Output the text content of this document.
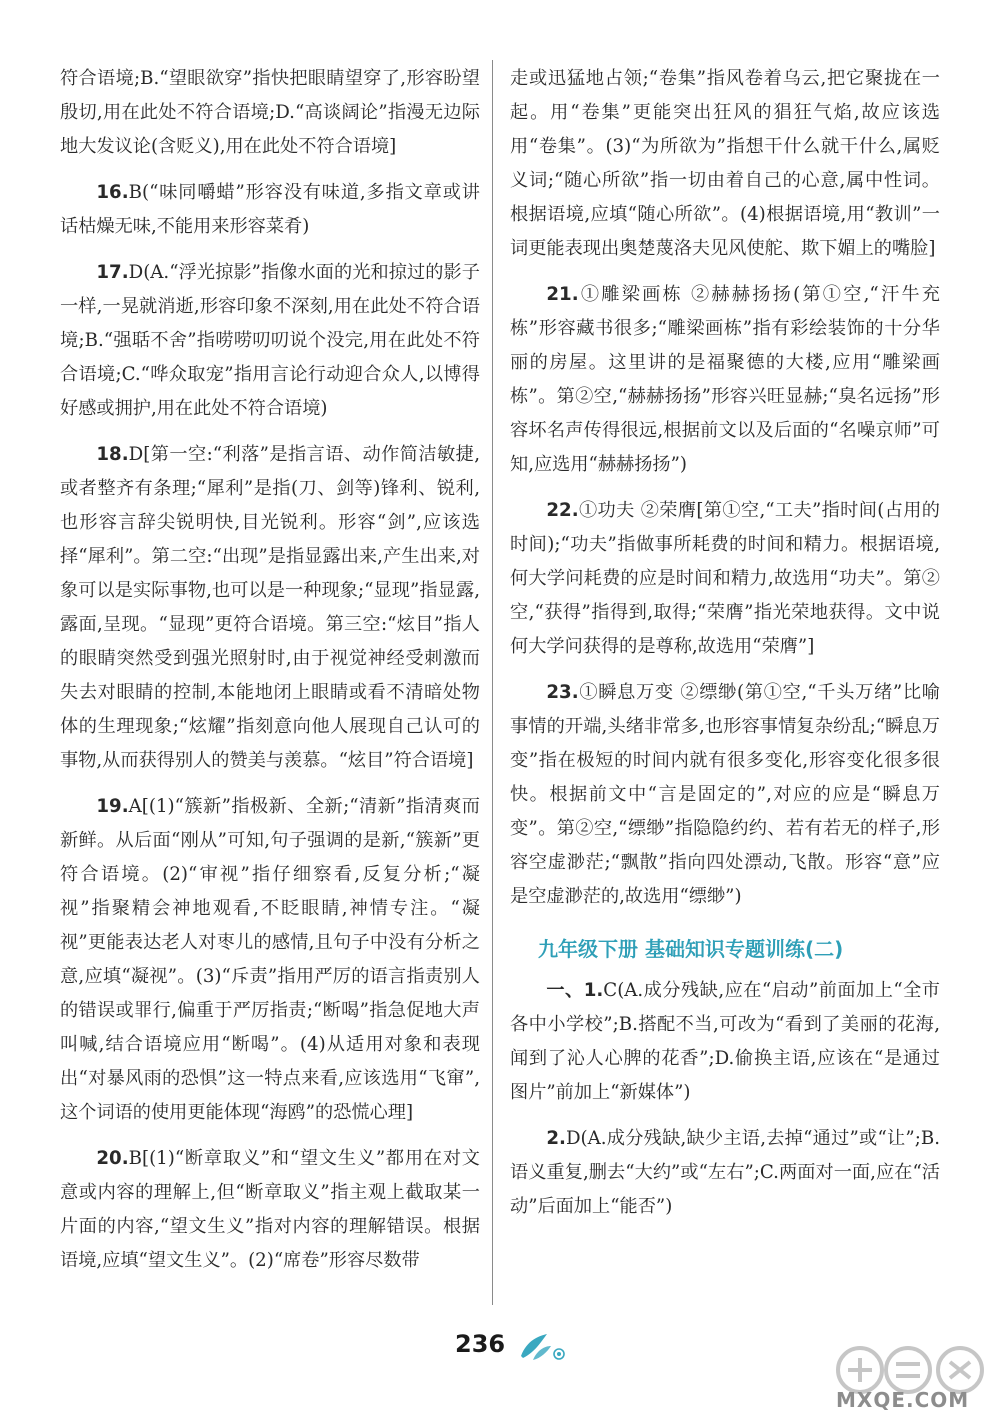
符合语境;B.“望眼欲穿”指快把眼睛望穿了,形容盼望殷切,用在此处不符合语境;D.“高谈阔论”指漫无边际地大发议论(含贬义),用在此处不符合语境]

16.B(“味同嚼蜡”形容没有味道,多指文章或讲话枯燥无味,不能用来形容菜肴)

17.D(A.“浮光掠影”指像水面的光和掠过的影子一样,一晃就消逝,形容印象不深刻,用在此处不符合语境;B.“强聒不舍”指唠唠叨叨说个没完,用在此处不符合语境;C.“哗众取宠”指用言论行动迎合众人,以博得好感或拥护,用在此处不符合语境)

18.D[第一空:“利落”是指言语、动作简洁敏捷,或者整齐有条理;“犀利”是指(刀、剑等)锋利、锐利,也形容言辞尖锐明快,目光锐利。形容“剑”,应该选择“犀利”。第二空:“出现”是指显露出来,产生出来,对象可以是实际事物,也可以是一种现象;“显现”指显露,露面,呈现。“显现”更符合语境。第三空:“炫目”指人的眼睛突然受到强光照射时,由于视觉神经受刺激而失去对眼睛的控制,本能地闭上眼睛或看不清暗处物体的生理现象;“炫耀”指刻意向他人展现自己认可的事物,从而获得别人的赞美与羡慕。“炫目”符合语境]

19.A[(1)“簇新”指极新、全新;“清新”指清爽而新鲜。从后面“刚从”可知,句子强调的是新,“簇新”更符合语境。(2)“审视”指仔细察看,反复分析;“凝视”指聚精会神地观看,不眨眼睛,神情专注。“凝视”更能表达老人对枣儿的感情,且句子中没有分析之意,应填“凝视”。(3)“斥责”指用严厉的语言指责别人的错误或罪行,偏重于严厉指责;“断喝”指急促地大声叫喊,结合语境应用“断喝”。(4)从适用对象和表现出“对暴风雨的恐惧”这一特点来看,应该选用“飞窜”,这个词语的使用更能体现“海鸥”的恐慌心理]

20.B[(1)“断章取义”和“望文生义”都用在对文意或内容的理解上,但“断章取义”指主观上截取某一片面的内容,“望文生义”指对内容的理解错误。根据语境,应填“望文生义”。(2)“席卷”形容尽数带

走或迅猛地占领;“卷集”指风卷着乌云,把它聚拢在一起。用“卷集”更能突出狂风的猖狂气焰,故应该选用“卷集”。(3)“为所欲为”指想干什么就干什么,属贬义词;“随心所欲”指一切由着自己的心意,属中性词。根据语境,应填“随心所欲”。(4)根据语境,用“教训”一词更能表现出奥楚蔑洛夫见风使舵、欺下媚上的嘴脸]

21.①雕梁画栋 ②赫赫扬扬(第①空,“汗牛充栋”形容藏书很多;“雕梁画栋”指有彩绘装饰的十分华丽的房屋。这里讲的是福聚德的大楼,应用“雕梁画栋”。第②空,“赫赫扬扬”形容兴旺显赫;“臭名远扬”形容坏名声传得很远,根据前文以及后面的“名噪京师”可知,应选用“赫赫扬扬”)

22.①功夫 ②荣膺[第①空,“工夫”指时间(占用的时间);“功夫”指做事所耗费的时间和精力。根据语境,何大学问耗费的应是时间和精力,故选用“功夫”。第②空,“获得”指得到,取得;“荣膺”指光荣地获得。文中说何大学问获得的是尊称,故选用“荣膺”]

23.①瞬息万变 ②缥缈(第①空,“千头万绪”比喻事情的开端,头绪非常多,也形容事情复杂纷乱;“瞬息万变”指在极短的时间内就有很多变化,形容变化很多很快。根据前文中“言是固定的”,对应的应是“瞬息万变”。第②空,“缥缈”指隐隐约约、若有若无的样子,形容空虚渺茫;“飘散”指向四处漂动,飞散。形容“意”应是空虚渺茫的,故选用“缥缈”)

九年级下册 基础知识专题训练(二)

一、1.C(A.成分残缺,应在“启动”前面加上“全市各中小学校”;B.搭配不当,可改为“看到了美丽的花海,闻到了沁人心脾的花香”;D.偷换主语,应该在“是通过图片”前加上“新媒体”)

2.D(A.成分残缺,缺少主语,去掉“通过”或“让”;B.语义重复,删去“大约”或“左右”;C.两面对一面,应在“活动”后面加上“能否”)

236
MXQE.COM
